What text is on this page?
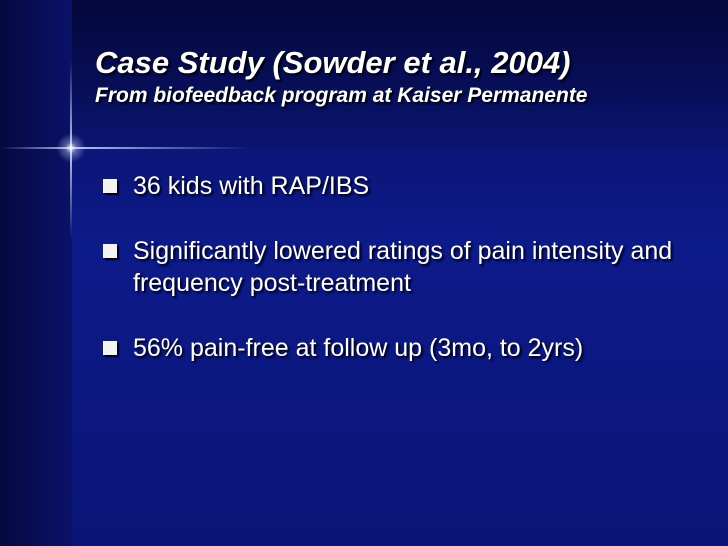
Case Study (Sowder et al., 2004)
From biofeedback program at Kaiser Permanente
36 kids with RAP/IBS
Significantly lowered ratings of pain intensity and frequency post-treatment
56% pain-free at follow up (3mo, to 2yrs)
